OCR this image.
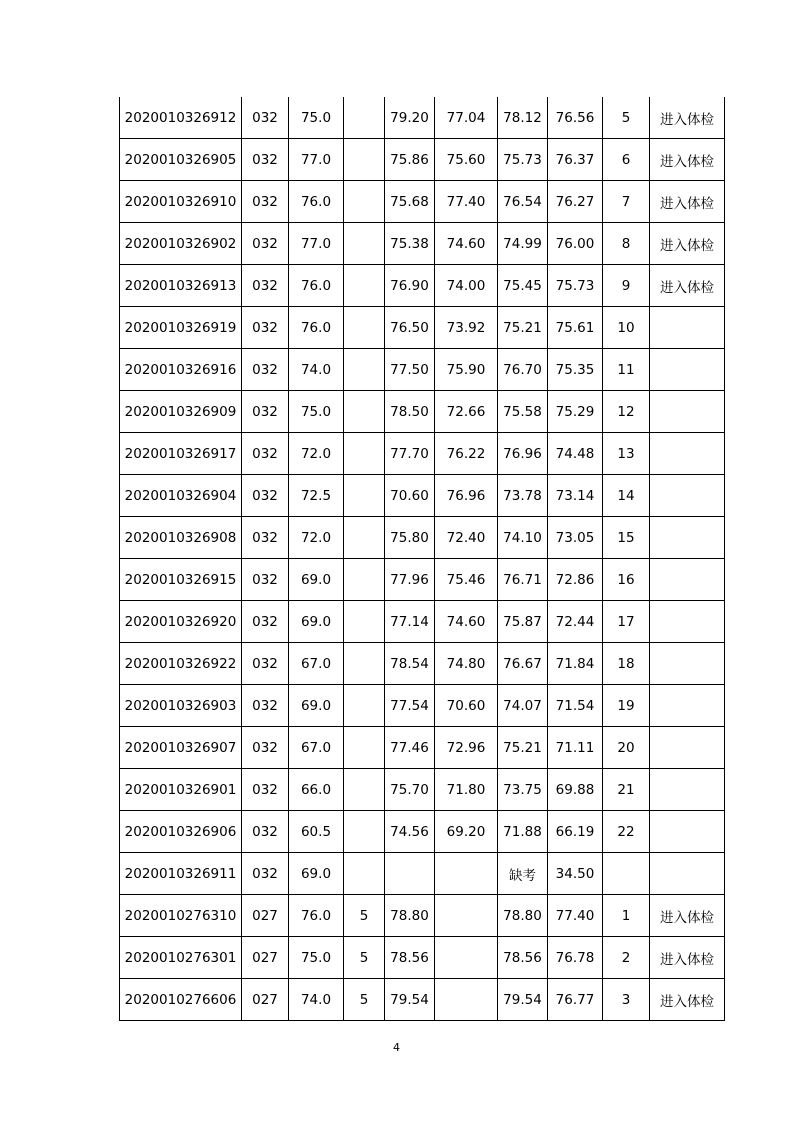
2020010326912	032	75.0		79.20	77.04	78.12	76.56	5	进入体检
2020010326905	032	77.0		75.86	75.60	75.73	76.37	6	进入体检
2020010326910	032	76.0		75.68	77.40	76.54	76.27	7	进入体检
2020010326902	032	77.0		75.38	74.60	74.99	76.00	8	进入体检
2020010326913	032	76.0		76.90	74.00	75.45	75.73	9	进入体检
2020010326919	032	76.0		76.50	73.92	75.21	75.61	10	
2020010326916	032	74.0		77.50	75.90	76.70	75.35	11	
2020010326909	032	75.0		78.50	72.66	75.58	75.29	12	
2020010326917	032	72.0		77.70	76.22	76.96	74.48	13	
2020010326904	032	72.5		70.60	76.96	73.78	73.14	14	
2020010326908	032	72.0		75.80	72.40	74.10	73.05	15	
2020010326915	032	69.0		77.96	75.46	76.71	72.86	16	
2020010326920	032	69.0		77.14	74.60	75.87	72.44	17	
2020010326922	032	67.0		78.54	74.80	76.67	71.84	18	
2020010326903	032	69.0		77.54	70.60	74.07	71.54	19	
2020010326907	032	67.0		77.46	72.96	75.21	71.11	20	
2020010326901	032	66.0		75.70	71.80	73.75	69.88	21	
2020010326906	032	60.5		74.56	69.20	71.88	66.19	22	
2020010326911	032	69.0				缺考	34.50		
2020010276310	027	76.0	5	78.80		78.80	77.40	1	进入体检
2020010276301	027	75.0	5	78.56		78.56	76.78	2	进入体检
2020010276606	027	74.0	5	79.54		79.54	76.77	3	进入体检
4
